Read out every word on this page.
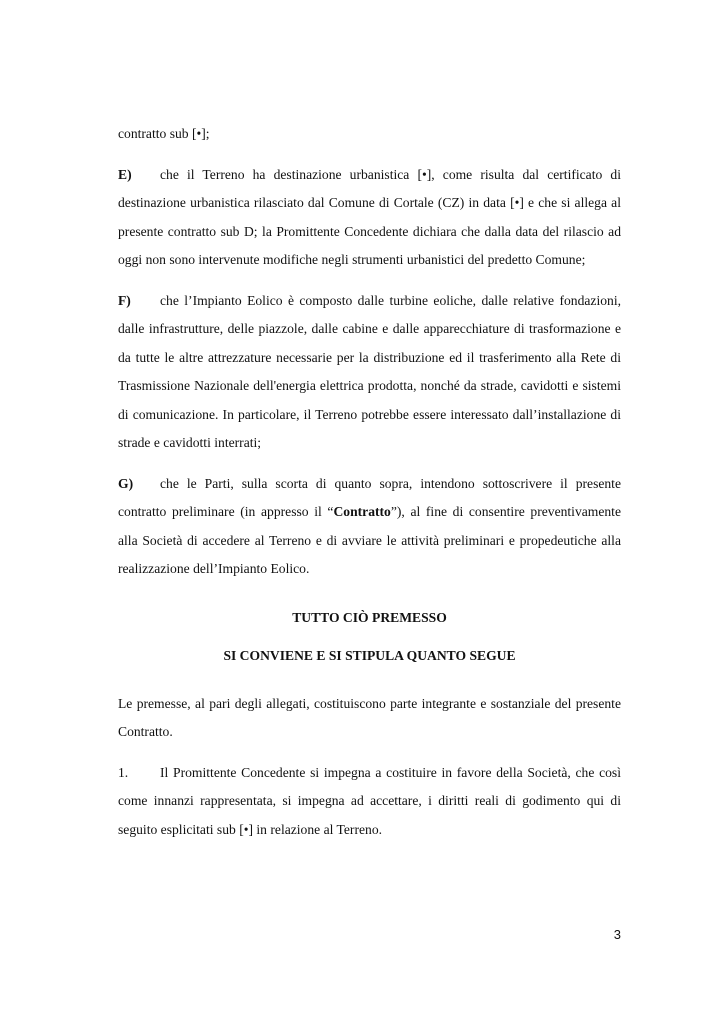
contratto sub [•];

E) che il Terreno ha destinazione urbanistica [•], come risulta dal certificato di destinazione urbanistica rilasciato dal Comune di Cortale (CZ) in data [•] e che si allega al presente contratto sub D; la Promittente Concedente dichiara che dalla data del rilascio ad oggi non sono intervenute modifiche negli strumenti urbanistici del predetto Comune;

F) che l’Impianto Eolico è composto dalle turbine eoliche, dalle relative fondazioni, dalle infrastrutture, delle piazzole, dalle cabine e dalle apparecchiature di trasformazione e da tutte le altre attrezzature necessarie per la distribuzione ed il trasferimento alla Rete di Trasmissione Nazionale dell'energia elettrica prodotta, nonché da strade, cavidotti e sistemi di comunicazione. In particolare, il Terreno potrebbe essere interessato dall’installazione di strade e cavidotti interrati;

G) che le Parti, sulla scorta di quanto sopra, intendono sottoscrivere il presente contratto preliminare (in appresso il “Contratto”), al fine di consentire preventivamente alla Società di accedere al Terreno e di avviare le attività preliminari e propedeutiche alla realizzazione dell’Impianto Eolico.

TUTTO CIÒ PREMESSO

SI CONVIENE E SI STIPULA QUANTO SEGUE

Le premesse, al pari degli allegati, costituiscono parte integrante e sostanziale del presente Contratto.

1. Il Promittente Concedente si impegna a costituire in favore della Società, che così come innanzi rappresentata, si impegna ad accettare, i diritti reali di godimento qui di seguito esplicitati sub [•] in relazione al Terreno.

3
